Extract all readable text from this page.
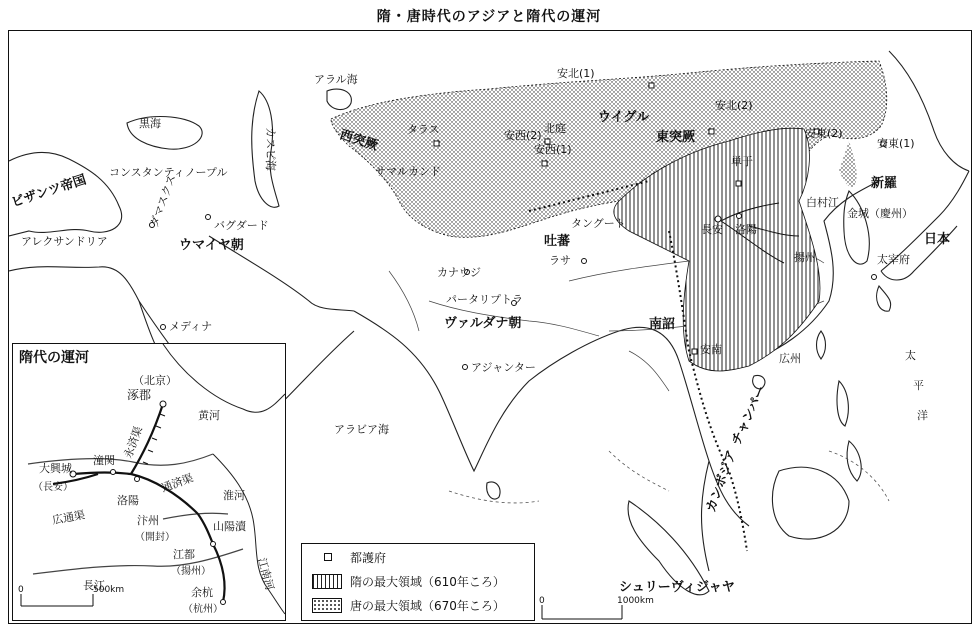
隋・唐時代のアジアと隋代の運河
アラル海
カスピ海
黒海
コンスタンティノープル
ビザンツ帝国
アレクサンドリア
ダマスクス	バグダード
ウマイヤ朝
メディナ
西突厥 タラス
サマルカンド
安北(1)
北庭
安西(1)
安西(2)
ウイグル
東突厥
安北(2)
安東(2)
安東(1)
新羅
日本
単于
白村江
金城（慶州）
太宰府
タングート
吐蕃
ラサ
長安 洛陽
揚州
広州
南詔
安南
カナウジ
パータリプトラ
ヴァルダナ朝
アジャンター
アラビア海	チャンパー
カンボジア
シュリーヴィジャヤ
太
平
洋
0	1000km
隋代の運河
（北京）
涿郡
永済渠
黄河
大興城
（長安）
潼関
通済渠
淮河
洛陽
汴州
（開封）
山陽瀆
広通渠
江都
（揚州）
長江	江南河
余杭
（杭州）
0	500km
都護府
隋の最大領域（610年ころ）
唐の最大領域（670年ころ）
